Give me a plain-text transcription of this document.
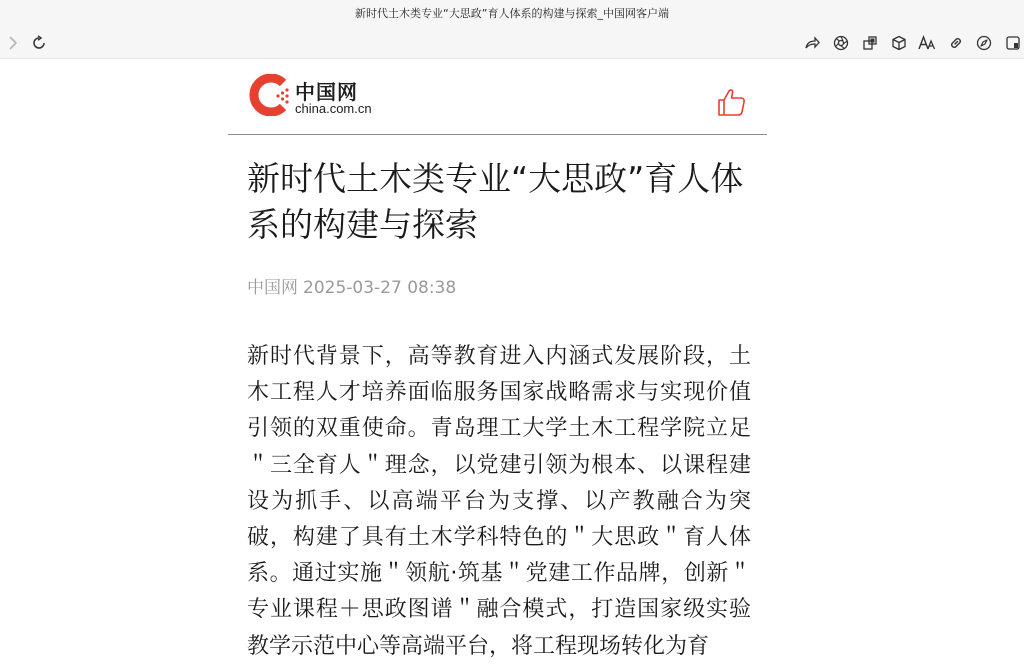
新时代土木类专业“大思政”育人体系的构建与探索_中国网客户端
中国网
china.com.cn
新时代土木类专业“大思政”育人体系的构建与探索
中国网 2025-03-27 08:38

新时代背景下，高等教育进入内涵式发展阶段，土木工程人才培养面临服务国家战略需求与实现价值引领的双重使命。青岛理工大学土木工程学院立足＂三全育人＂理念，以党建引领为根本、以课程建设为抓手、以高端平台为支撑、以产教融合为突破，构建了具有土木学科特色的＂大思政＂育人体系。通过实施＂领航·筑基＂党建工作品牌，创新＂专业课程＋思政图谱＂融合模式，打造国家级实验教学示范中心等高端平台，将工程现场转化为育
